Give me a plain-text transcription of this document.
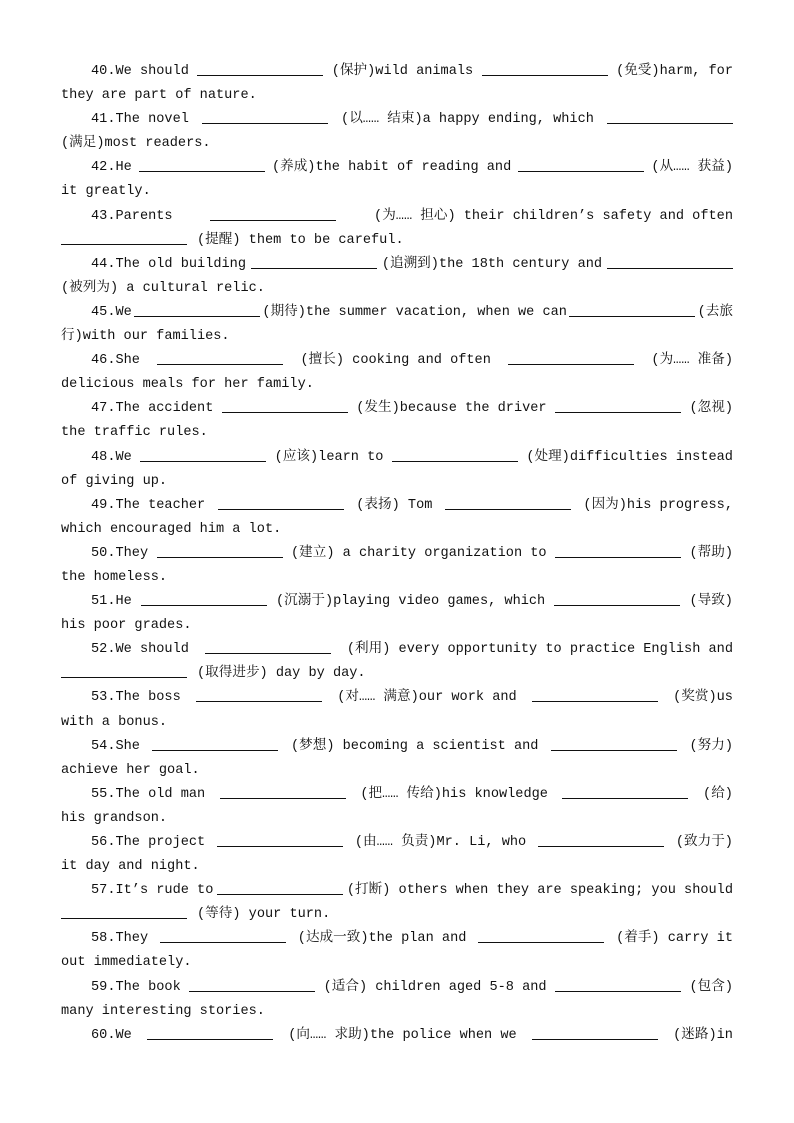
40.We should	(保护)wild animals	(免受)harm, for
they are part of nature.
41.The novel	(以…… 结束)a happy ending, which
(满足)most readers.
42.He	(养成)the habit of reading and	(从…… 获益)
it greatly.
43.Parents	(为…… 担心) their children’s safety and often
(提醒) them to be careful.
44.The old building	(追溯到)the 18th century and
(被列为) a cultural relic.
45.We	(期待)the summer vacation, when we can	(去旅
行)with our families.
46.She	(擅长) cooking and often	(为…… 准备)
delicious meals for her family.
47.The accident	(发生)because the driver	(忽视)
the traffic rules.
48.We	(应该)learn to	(处理)difficulties instead
of giving up.
49.The teacher	(表扬) Tom	(因为)his progress,
which encouraged him a lot.
50.They	(建立) a charity organization to	(帮助)
the homeless.
51.He	(沉溺于)playing video games, which	(导致)
his poor grades.
52.We should	(利用) every opportunity to practice English and
(取得进步) day by day.
53.The boss	(对…… 满意)our work and	(奖赏)us
with a bonus.
54.She	(梦想) becoming a scientist and	(努力)
achieve her goal.
55.The old man	(把…… 传给)his knowledge	(给)
his grandson.
56.The project	(由…… 负责)Mr. Li, who	(致力于)
it day and night.
57.It’s rude to	(打断) others when they are speaking; you should
(等待) your turn.
58.They	(达成一致)the plan and	(着手) carry it
out immediately.
59.The book	(适合) children aged 5-8 and	(包含)
many interesting stories.
60.We	(向…… 求助)the police when we	(迷路)in
